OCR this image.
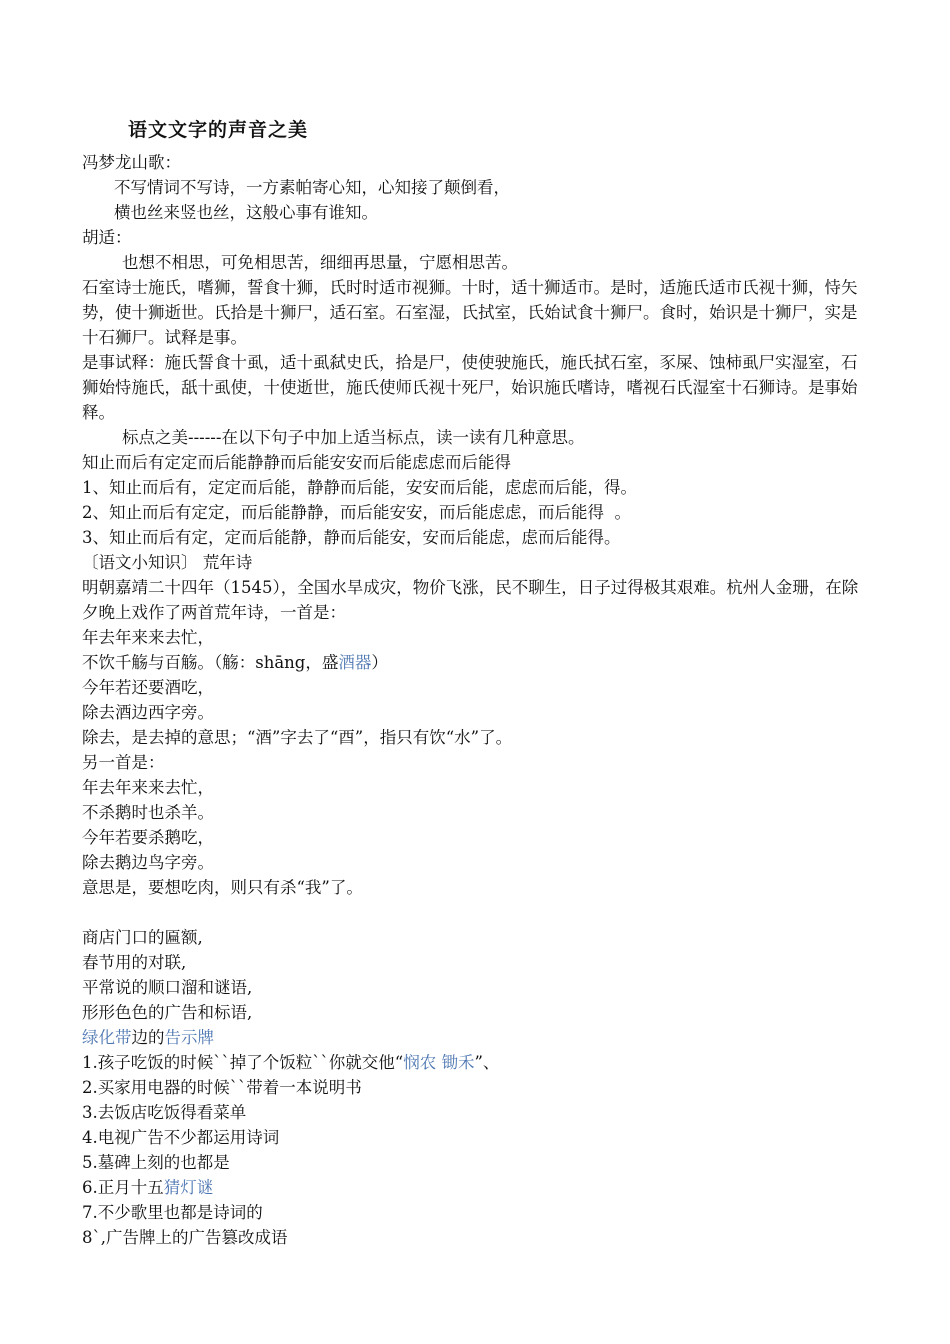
语文文字的声音之美

冯梦龙山歌：

不写情词不写诗，一方素帕寄心知，心知接了颠倒看，

横也丝来竖也丝，这般心事有谁知。

胡适：

也想不相思，可免相思苦，细细再思量，宁愿相思苦。

石室诗士施氏，嗜狮，誓食十狮，氏时时适市视狮。十时，适十狮适市。是时，适施氏适市氏视十狮，恃矢势，使十狮逝世。氏拾是十狮尸，适石室。石室湿，氏拭室，氏始试食十狮尸。食时，始识是十狮尸，实是十石狮尸。试释是事。

是事试释：施氏誓食十虱，适十虱弑史氏，拾是尸，使使驶施氏，施氏拭石室，豕屎、蚀柿虱尸实湿室，石狮始恃施氏，舐十虱使，十使逝世，施氏使师氏视十死尸，始识施氏嗜诗，嗜视石氏湿室十石狮诗。是事始释。

标点之美------在以下句子中加上适当标点，读一读有几种意思。

知止而后有定定而后能静静而后能安安而后能虑虑而后能得

1、知止而后有，定定而后能，静静而后能，安安而后能，虑虑而后能，得。

2、知止而后有定定，而后能静静，而后能安安，而后能虑虑，而后能得  。

3、知止而后有定，定而后能静，静而后能安，安而后能虑，虑而后能得。

〔语文小知识〕 荒年诗

明朝嘉靖二十四年（1545），全国水旱成灾，物价飞涨，民不聊生，日子过得极其艰难。杭州人金珊，在除夕晚上戏作了两首荒年诗，一首是：

年去年来来去忙，

不饮千觞与百觞。（觞：shāng，盛酒器）

今年若还要酒吃，

除去酒边西字旁。

除去，是去掉的意思；“酒”字去了“酉”，指只有饮“水”了。

另一首是：

年去年来来去忙，

不杀鹅时也杀羊。

今年若要杀鹅吃，

除去鹅边鸟字旁。

意思是，要想吃肉，则只有杀“我”了。

商店门口的匾额,

春节用的对联,

平常说的顺口溜和谜语,

形形色色的广告和标语,

绿化带边的告示牌

1.孩子吃饭的时候``掉了个饭粒``你就交他“悯农 锄禾”、

2.买家用电器的时候``带着一本说明书

3.去饭店吃饭得看菜单

4.电视广告不少都运用诗词

5.墓碑上刻的也都是

6.正月十五猜灯谜

7.不少歌里也都是诗词的

8`,广告牌上的广告篡改成语
